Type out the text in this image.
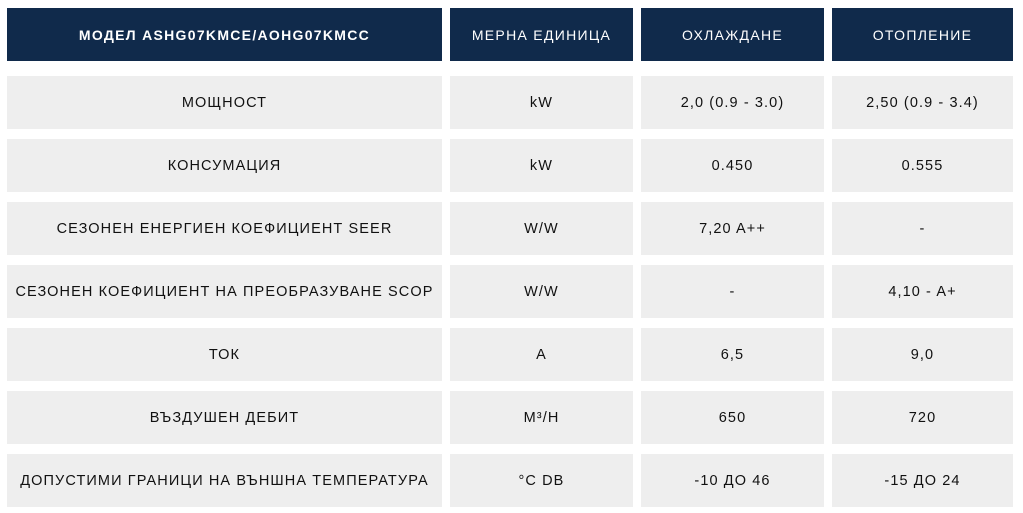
МОДЕЛ ASHG07KMCE/AOHG07KMCC	МЕРНА ЕДИНИЦА	ОХЛАЖДАНЕ	ОТОПЛЕНИЕ
МОЩНОСТ	kW	2,0 (0.9 - 3.0)	2,50 (0.9 - 3.4)
КОНСУМАЦИЯ	kW	0.450	0.555
СЕЗОНЕН ЕНЕРГИЕН КОЕФИЦИЕНТ SEER	W/W	7,20 A++	-
СЕЗОНЕН КОЕФИЦИЕНТ НА ПРЕОБРАЗУВАНЕ SCOP	W/W	-	4,10 - A+
ТОК	A	6,5	9,0
ВЪЗДУШЕН ДЕБИТ	M³/H	650	720
ДОПУСТИМИ ГРАНИЦИ НА ВЪНШНА ТЕМПЕРАТУРА	°C DB	-10 ДО 46	-15 ДО 24
